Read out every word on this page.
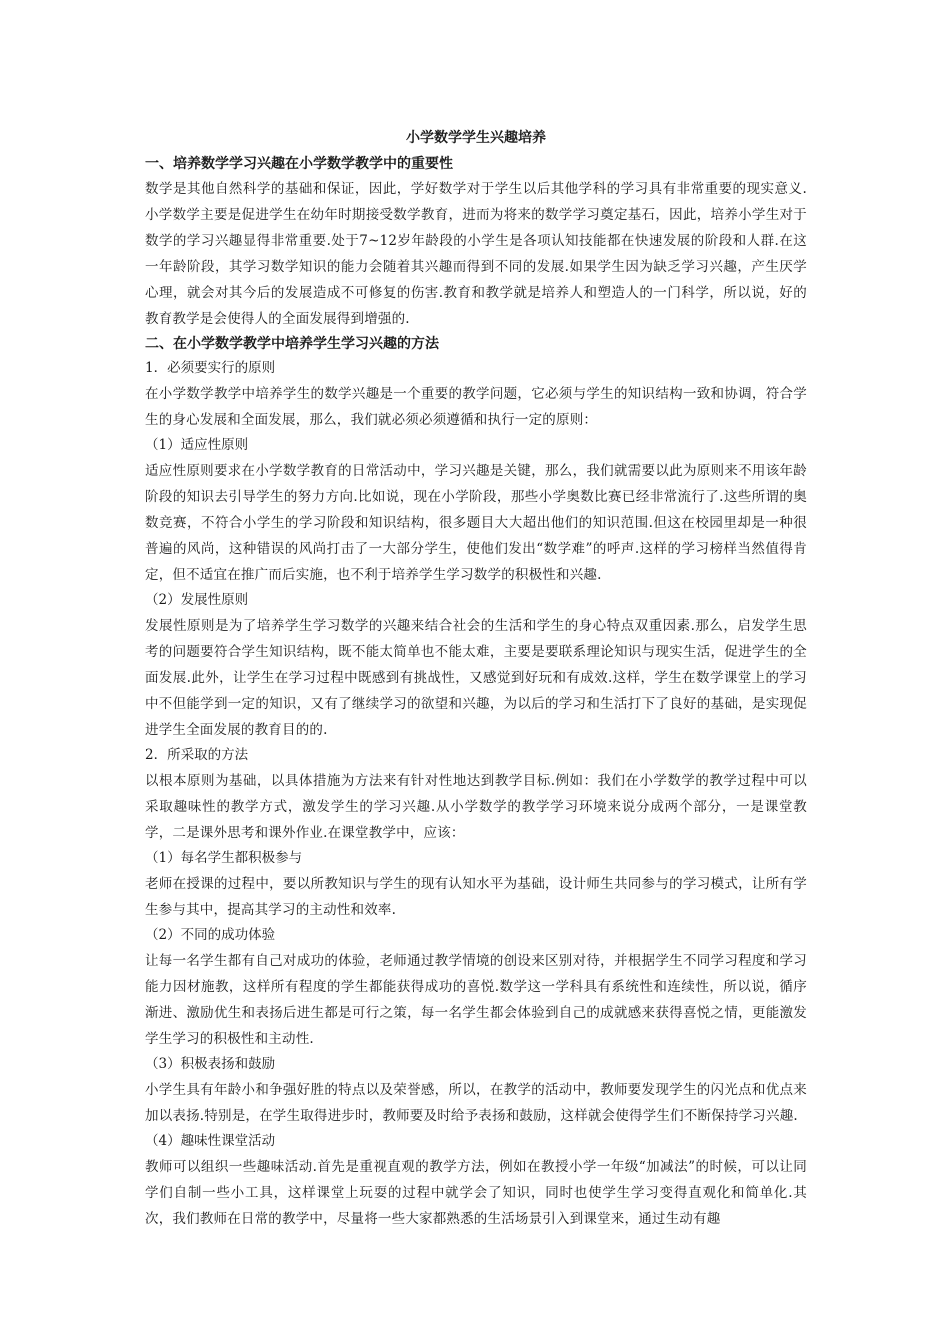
小学数学学生兴趣培养

一、培养数学学习兴趣在小学数学教学中的重要性

数学是其他自然科学的基础和保证，因此，学好数学对于学生以后其他学科的学习具有非常重要的现实意义.小学数学主要是促进学生在幼年时期接受数学教育，进而为将来的数学学习奠定基石，因此，培养小学生对于数学的学习兴趣显得非常重要.处于7~12岁年龄段的小学生是各项认知技能都在快速发展的阶段和人群.在这一年龄阶段，其学习数学知识的能力会随着其兴趣而得到不同的发展.如果学生因为缺乏学习兴趣，产生厌学心理，就会对其今后的发展造成不可修复的伤害.教育和教学就是培养人和塑造人的一门科学，所以说，好的教育教学是会使得人的全面发展得到增强的.

二、在小学数学教学中培养学生学习兴趣的方法

1．必须要实行的原则

在小学数学教学中培养学生的数学兴趣是一个重要的教学问题，它必须与学生的知识结构一致和协调，符合学生的身心发展和全面发展，那么，我们就必须必须遵循和执行一定的原则：

（1）适应性原则

适应性原则要求在小学数学教育的日常活动中，学习兴趣是关键，那么，我们就需要以此为原则来不用该年龄阶段的知识去引导学生的努力方向.比如说，现在小学阶段，那些小学奥数比赛已经非常流行了.这些所谓的奥数竞赛，不符合小学生的学习阶段和知识结构，很多题目大大超出他们的知识范围.但这在校园里却是一种很普遍的风尚，这种错误的风尚打击了一大部分学生，使他们发出“数学难”的呼声.这样的学习榜样当然值得肯定，但不适宜在推广而后实施，也不利于培养学生学习数学的积极性和兴趣.

（2）发展性原则

发展性原则是为了培养学生学习数学的兴趣来结合社会的生活和学生的身心特点双重因素.那么，启发学生思考的问题要符合学生知识结构，既不能太简单也不能太难，主要是要联系理论知识与现实生活，促进学生的全面发展.此外，让学生在学习过程中既感到有挑战性，又感觉到好玩和有成效.这样，学生在数学课堂上的学习中不但能学到一定的知识，又有了继续学习的欲望和兴趣，为以后的学习和生活打下了良好的基础，是实现促进学生全面发展的教育目的的.

2．所采取的方法

以根本原则为基础，以具体措施为方法来有针对性地达到教学目标.例如：我们在小学数学的教学过程中可以采取趣味性的教学方式，激发学生的学习兴趣.从小学数学的教学学习环境来说分成两个部分，一是课堂教学，二是课外思考和课外作业.在课堂教学中，应该：

（1）每名学生都积极参与

老师在授课的过程中，要以所教知识与学生的现有认知水平为基础，设计师生共同参与的学习模式，让所有学生参与其中，提高其学习的主动性和效率.

（2）不同的成功体验

让每一名学生都有自己对成功的体验，老师通过教学情境的创设来区别对待，并根据学生不同学习程度和学习能力因材施教，这样所有程度的学生都能获得成功的喜悦.数学这一学科具有系统性和连续性，所以说，循序渐进、激励优生和表扬后进生都是可行之策，每一名学生都会体验到自己的成就感来获得喜悦之情，更能激发学生学习的积极性和主动性.

（3）积极表扬和鼓励

小学生具有年龄小和争强好胜的特点以及荣誉感，所以，在教学的活动中，教师要发现学生的闪光点和优点来加以表扬.特别是，在学生取得进步时，教师要及时给予表扬和鼓励，这样就会使得学生们不断保持学习兴趣.

（4）趣味性课堂活动

教师可以组织一些趣味活动.首先是重视直观的教学方法，例如在教授小学一年级“加减法”的时候，可以让同学们自制一些小工具，这样课堂上玩耍的过程中就学会了知识，同时也使学生学习变得直观化和简单化.其次，我们教师在日常的教学中，尽量将一些大家都熟悉的生活场景引入到课堂来，通过生动有趣
